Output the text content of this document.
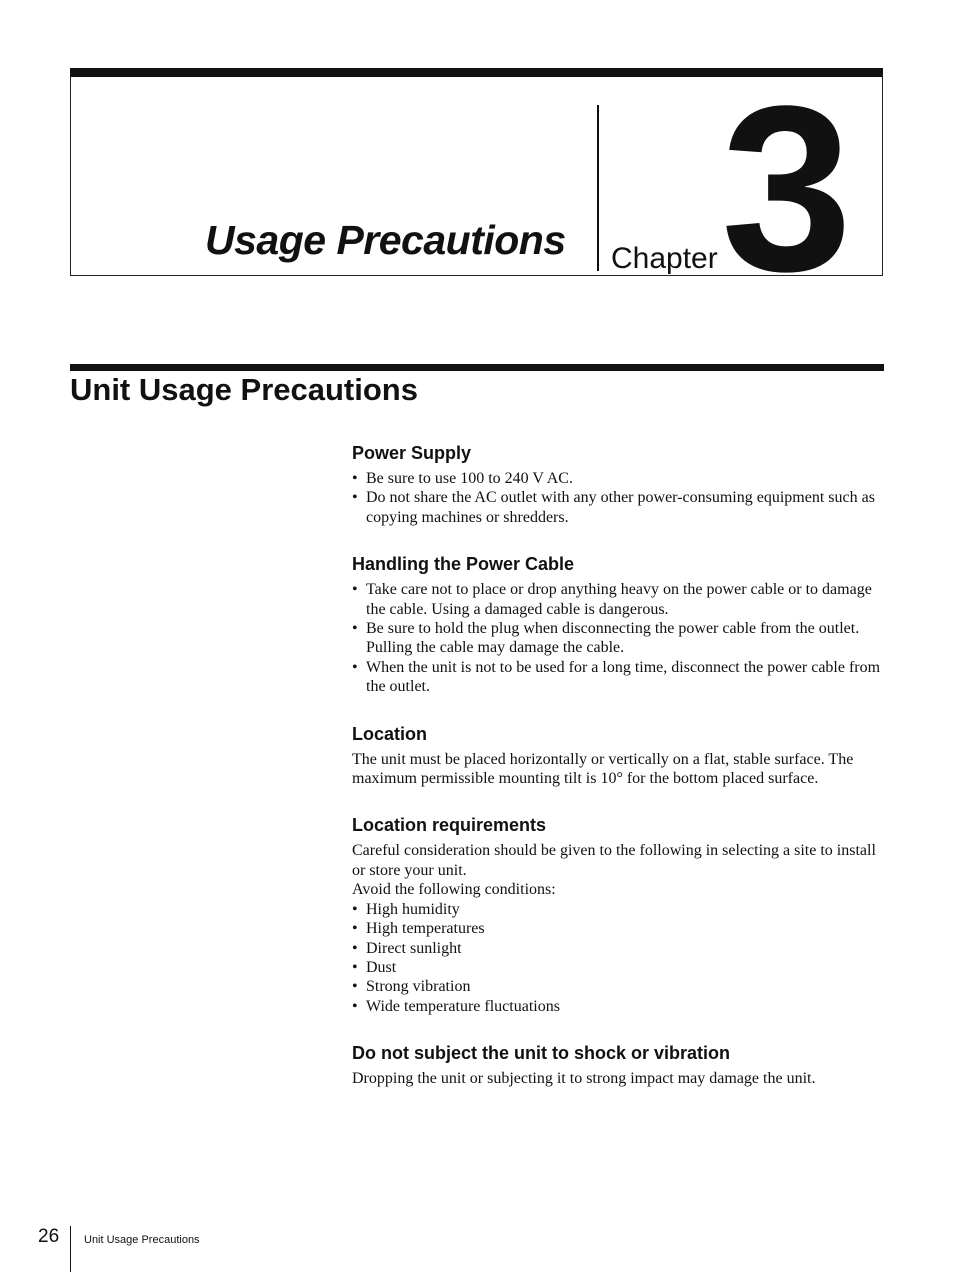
Usage Precautions Chapter 3
Unit Usage Precautions
Power Supply
• Be sure to use 100 to 240 V AC.
• Do not share the AC outlet with any other power-consuming equipment such as copying machines or shredders.
Handling the Power Cable
• Take care not to place or drop anything heavy on the power cable or to damage the cable. Using a damaged cable is dangerous.
• Be sure to hold the plug when disconnecting the power cable from the outlet. Pulling the cable may damage the cable.
• When the unit is not to be used for a long time, disconnect the power cable from the outlet.
Location

The unit must be placed horizontally or vertically on a flat, stable surface. The maximum permissible mounting tilt is 10° for the bottom placed surface.

Location requirements

Careful consideration should be given to the following in selecting a site to install or store your unit.

Avoid the following conditions:

• High humidity
• High temperatures
• Direct sunlight
• Dust
• Strong vibration
• Wide temperature fluctuations
Do not subject the unit to shock or vibration

Dropping the unit or subjecting it to strong impact may damage the unit.

26 Unit Usage Precautions
